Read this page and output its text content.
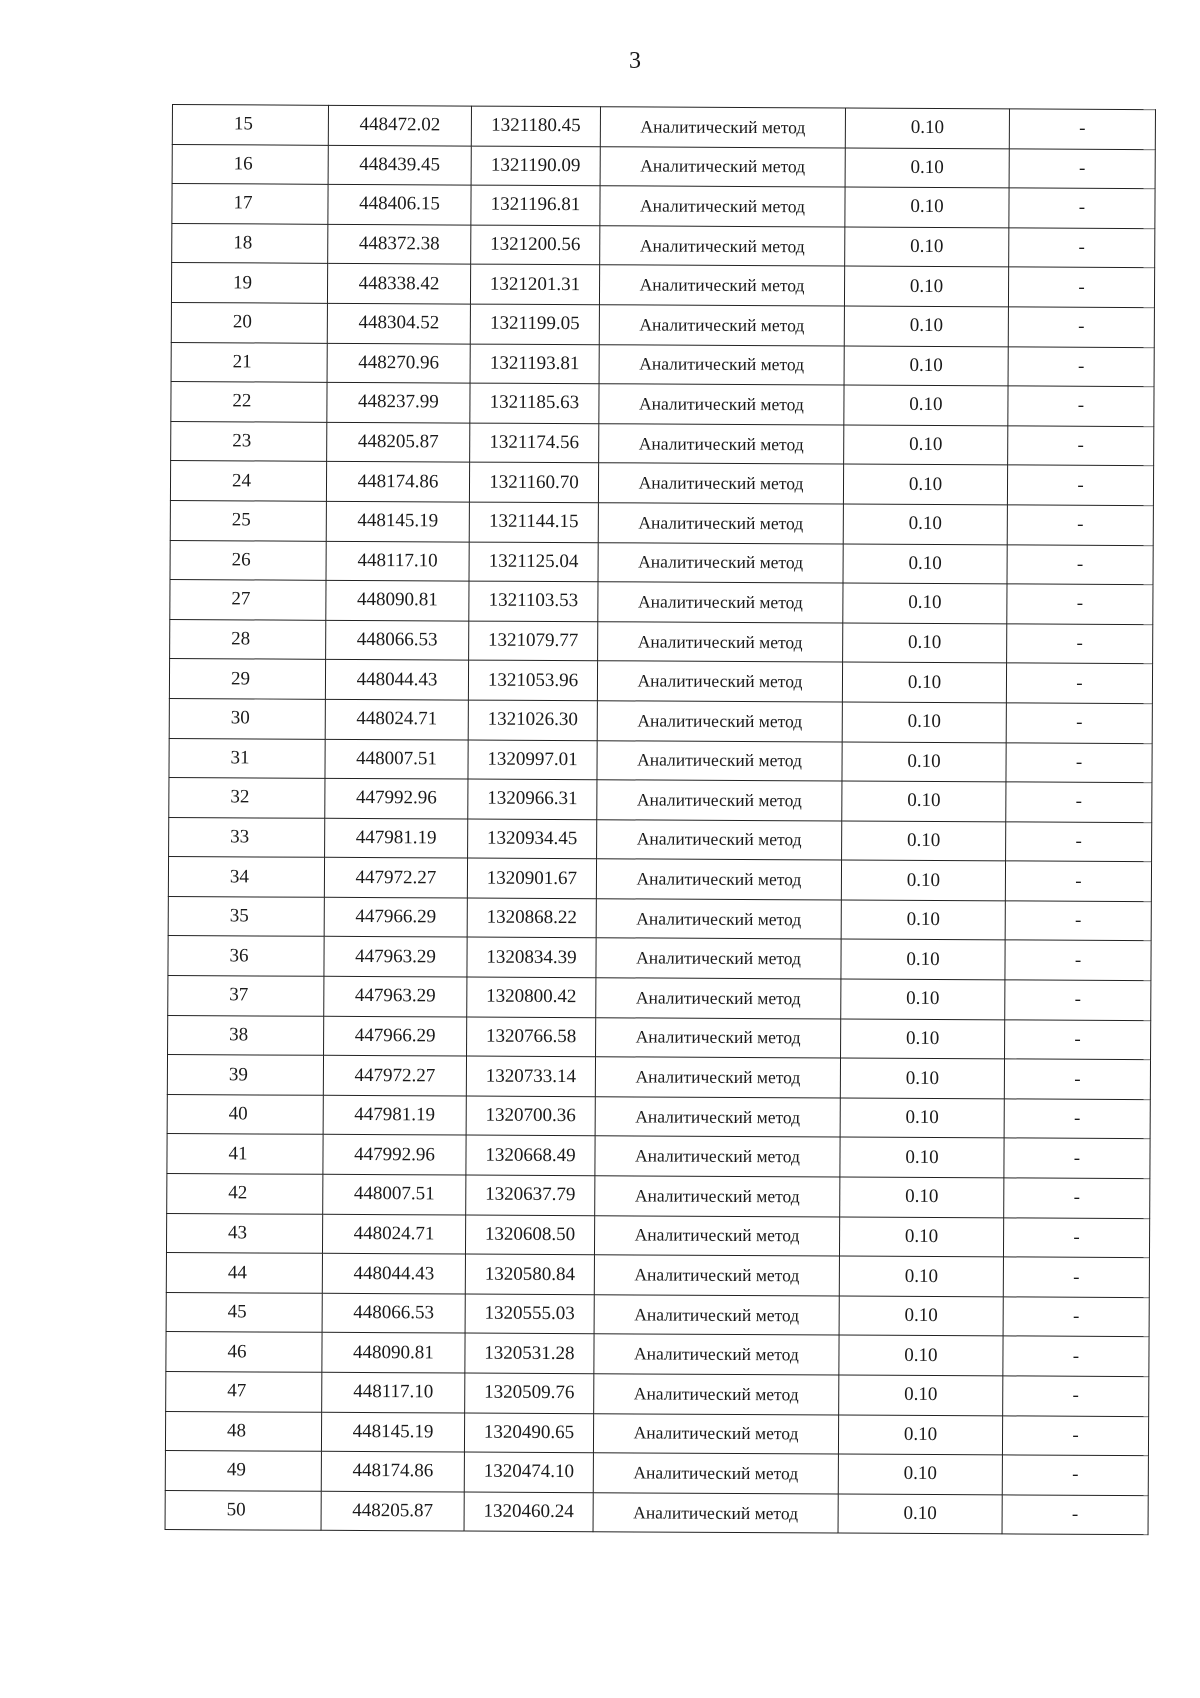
3
15	448472.02	1321180.45	Аналитический метод	0.10	-
16	448439.45	1321190.09	Аналитический метод	0.10	-
17	448406.15	1321196.81	Аналитический метод	0.10	-
18	448372.38	1321200.56	Аналитический метод	0.10	-
19	448338.42	1321201.31	Аналитический метод	0.10	-
20	448304.52	1321199.05	Аналитический метод	0.10	-
21	448270.96	1321193.81	Аналитический метод	0.10	-
22	448237.99	1321185.63	Аналитический метод	0.10	-
23	448205.87	1321174.56	Аналитический метод	0.10	-
24	448174.86	1321160.70	Аналитический метод	0.10	-
25	448145.19	1321144.15	Аналитический метод	0.10	-
26	448117.10	1321125.04	Аналитический метод	0.10	-
27	448090.81	1321103.53	Аналитический метод	0.10	-
28	448066.53	1321079.77	Аналитический метод	0.10	-
29	448044.43	1321053.96	Аналитический метод	0.10	-
30	448024.71	1321026.30	Аналитический метод	0.10	-
31	448007.51	1320997.01	Аналитический метод	0.10	-
32	447992.96	1320966.31	Аналитический метод	0.10	-
33	447981.19	1320934.45	Аналитический метод	0.10	-
34	447972.27	1320901.67	Аналитический метод	0.10	-
35	447966.29	1320868.22	Аналитический метод	0.10	-
36	447963.29	1320834.39	Аналитический метод	0.10	-
37	447963.29	1320800.42	Аналитический метод	0.10	-
38	447966.29	1320766.58	Аналитический метод	0.10	-
39	447972.27	1320733.14	Аналитический метод	0.10	-
40	447981.19	1320700.36	Аналитический метод	0.10	-
41	447992.96	1320668.49	Аналитический метод	0.10	-
42	448007.51	1320637.79	Аналитический метод	0.10	-
43	448024.71	1320608.50	Аналитический метод	0.10	-
44	448044.43	1320580.84	Аналитический метод	0.10	-
45	448066.53	1320555.03	Аналитический метод	0.10	-
46	448090.81	1320531.28	Аналитический метод	0.10	-
47	448117.10	1320509.76	Аналитический метод	0.10	-
48	448145.19	1320490.65	Аналитический метод	0.10	-
49	448174.86	1320474.10	Аналитический метод	0.10	-
50	448205.87	1320460.24	Аналитический метод	0.10	-
